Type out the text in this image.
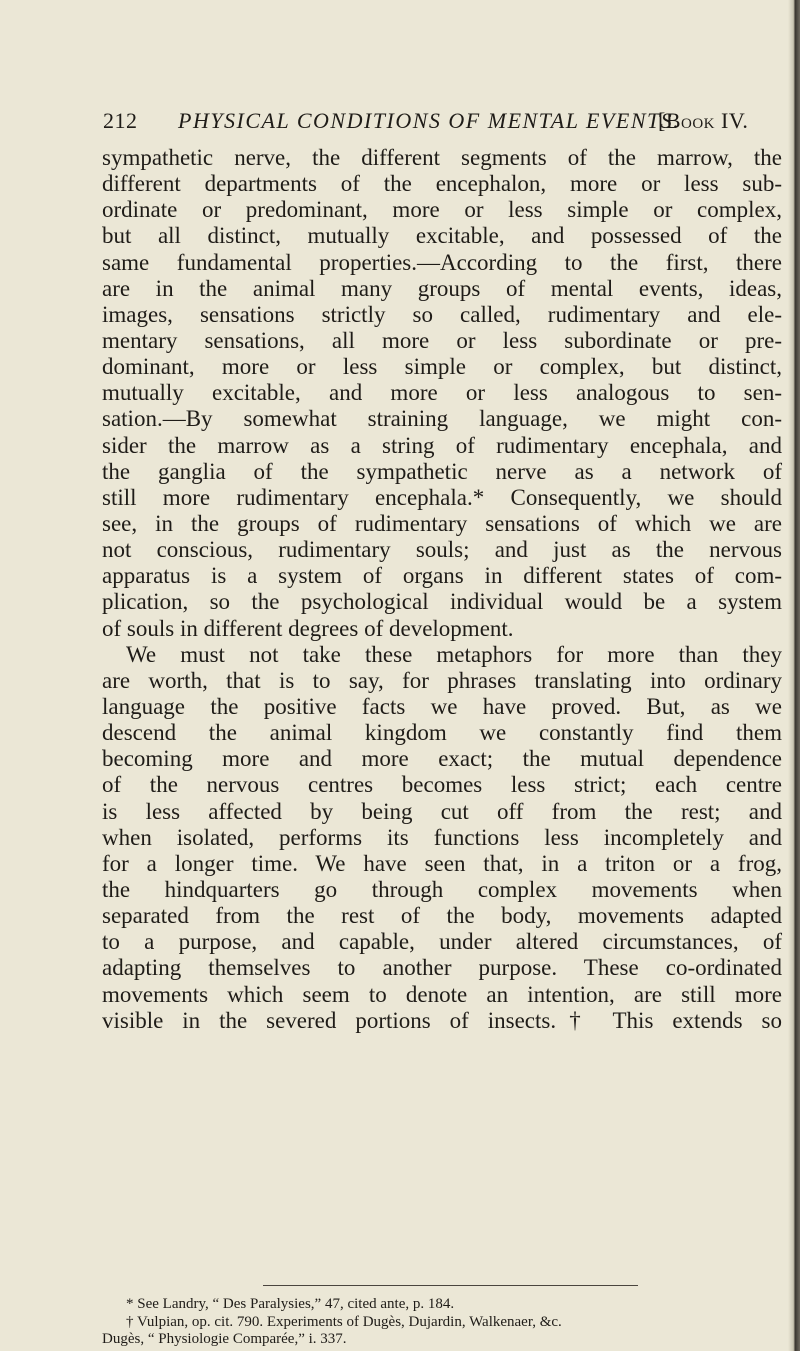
212 PHYSICAL CONDITIONS OF MENTAL EVENTS.
[Book IV.
sympathetic nerve, the different segments of the marrow, the
different departments of the encephalon, more or less sub-
ordinate or predominant, more or less simple or complex,
but all distinct, mutually excitable, and possessed of the
same fundamental properties.—According to the first, there
are in the animal many groups of mental events, ideas,
images, sensations strictly so called, rudimentary and ele-
mentary sensations, all more or less subordinate or pre-
dominant, more or less simple or complex, but distinct,
mutually excitable, and more or less analogous to sen-
sation.—By somewhat straining language, we might con-
sider the marrow as a string of rudimentary encephala, and
the ganglia of the sympathetic nerve as a network of
still more rudimentary encephala.* Consequently, we should
see, in the groups of rudimentary sensations of which we are
not conscious, rudimentary souls; and just as the nervous
apparatus is a system of organs in different states of com-
plication, so the psychological individual would be a system
of souls in different degrees of development.
We must not take these metaphors for more than they
are worth, that is to say, for phrases translating into ordinary
language the positive facts we have proved. But, as we
descend the animal kingdom we constantly find them
becoming more and more exact; the mutual dependence
of the nervous centres becomes less strict; each centre
is less affected by being cut off from the rest; and
when isolated, performs its functions less incompletely and
for a longer time. We have seen that, in a triton or a frog,
the hindquarters go through complex movements when
separated from the rest of the body, movements adapted
to a purpose, and capable, under altered circumstances, of
adapting themselves to another purpose. These co-ordinated
movements which seem to denote an intention, are still more
visible in the severed portions of insects.† This extends so
* See Landry, “ Des Paralysies,” 47, cited ante, p. 184.
† Vulpian, op. cit. 790. Experiments of Dugès, Dujardin, Walkenaer, &c.
Dugès, “ Physiologie Comparée,” i. 337.
